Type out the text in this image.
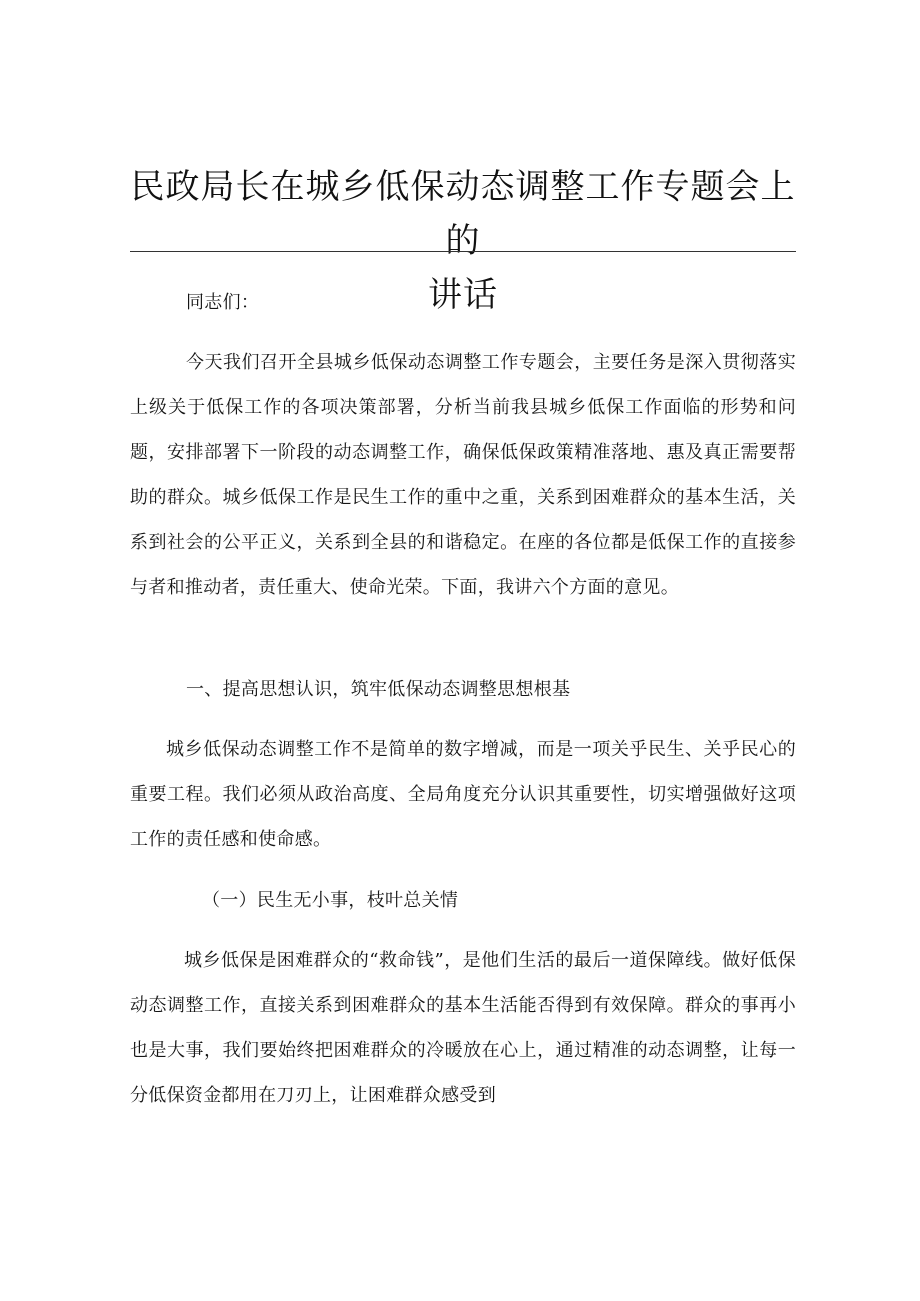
民政局长在城乡低保动态调整工作专题会上的
讲话

同志们：

今天我们召开全县城乡低保动态调整工作专题会，主要任务是深入贯彻落实上级关于低保工作的各项决策部署，分析当前我县城乡低保工作面临的形势和问题，安排部署下一阶段的动态调整工作，确保低保政策精准落地、惠及真正需要帮助的群众。城乡低保工作是民生工作的重中之重，关系到困难群众的基本生活，关系到社会的公平正义，关系到全县的和谐稳定。在座的各位都是低保工作的直接参与者和推动者，责任重大、使命光荣。下面，我讲六个方面的意见。

一、提高思想认识，筑牢低保动态调整思想根基

城乡低保动态调整工作不是简单的数字增减，而是一项关乎民生、关乎民心的重要工程。我们必须从政治高度、全局角度充分认识其重要性，切实增强做好这项工作的责任感和使命感。

（一）民生无小事，枝叶总关情

城乡低保是困难群众的“救命钱”，是他们生活的最后一道保障线。做好低保动态调整工作，直接关系到困难群众的基本生活能否得到有效保障。群众的事再小也是大事，我们要始终把困难群众的冷暖放在心上，通过精准的动态调整，让每一分低保资金都用在刀刃上，让困难群众感受到
